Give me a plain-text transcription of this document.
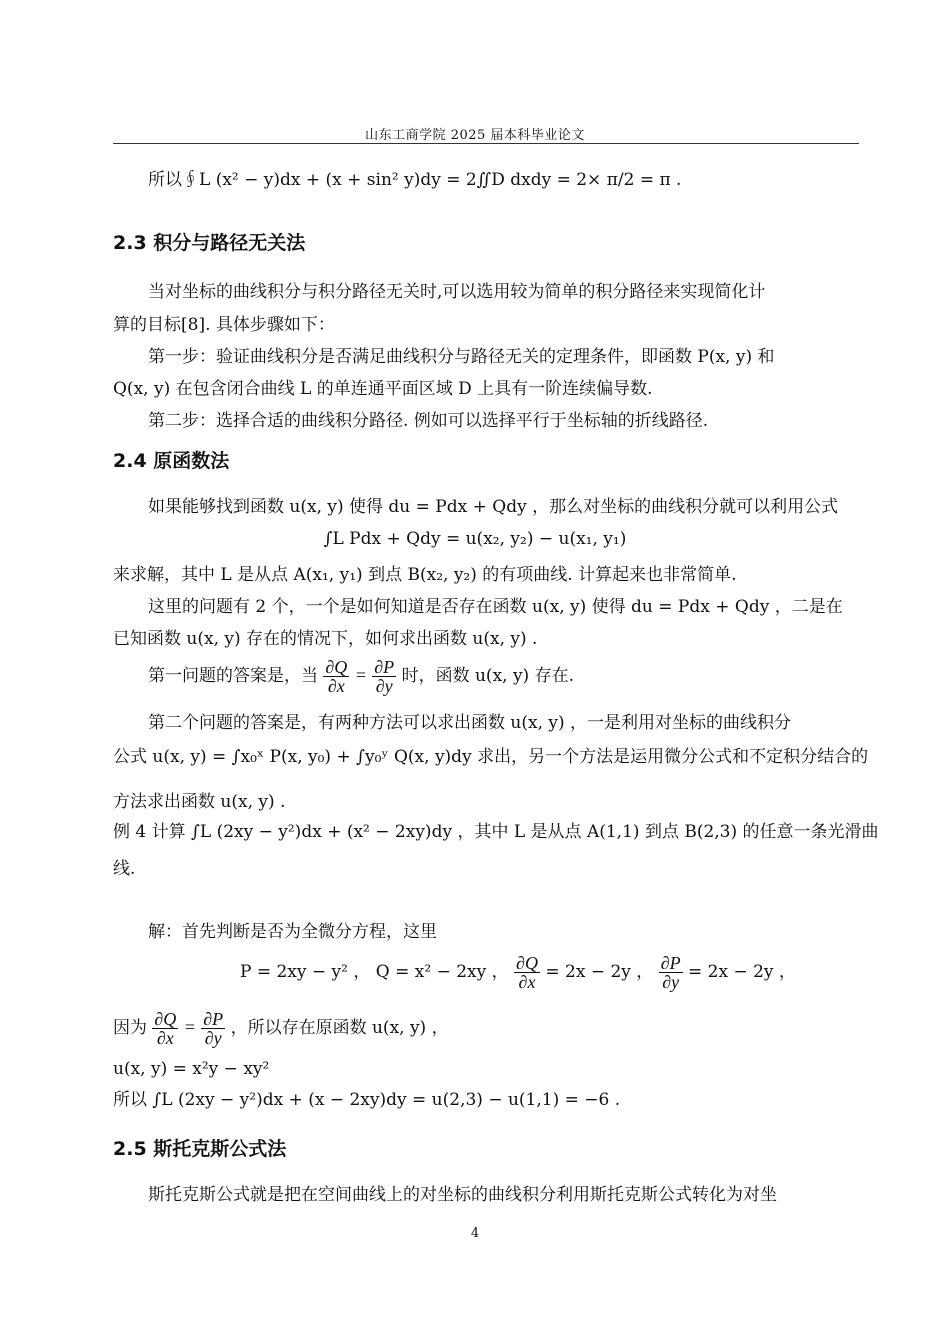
山东工商学院 2025 届本科毕业论文
所以∮L (x² − y)dx + (x + sin² y)dy = 2∬D dxdy = 2× π/2 = π .
2.3 积分与路径无关法
当对坐标的曲线积分与积分路径无关时,可以选用较为简单的积分路径来实现简化计
算的目标[8]. 具体步骤如下：
第一步：验证曲线积分是否满足曲线积分与路径无关的定理条件，即函数 P(x, y) 和
Q(x, y) 在包含闭合曲线 L 的单连通平面区域 D 上具有一阶连续偏导数.
第二步：选择合适的曲线积分路径. 例如可以选择平行于坐标轴的折线路径.
2.4 原函数法
如果能够找到函数 u(x, y) 使得 du = Pdx + Qdy ，那么对坐标的曲线积分就可以利用公式
∫L Pdx + Qdy = u(x₂, y₂) − u(x₁, y₁)
来求解，其中 L 是从点 A(x₁, y₁) 到点 B(x₂, y₂) 的有项曲线. 计算起来也非常简单.
这里的问题有 2 个，一个是如何知道是否存在函数 u(x, y) 使得 du = Pdx + Qdy ，二是在
已知函数 u(x, y) 存在的情况下，如何求出函数 u(x, y) .
第一问题的答案是，当 $\frac{\partial Q}{\partial x} = \frac{\partial P}{\partial y}$ 时，函数 u(x, y) 存在.
第二个问题的答案是，有两种方法可以求出函数 u(x, y) ，一是利用对坐标的曲线积分
公式 u(x, y) = ∫x₀ˣ P(x, y₀) + ∫y₀ʸ Q(x, y)dy 求出，另一个方法是运用微分公式和不定积分结合的
方法求出函数 u(x, y) .
例 4 计算 ∫L (2xy − y²)dx + (x² − 2xy)dy ，其中 L 是从点 A(1,1) 到点 B(2,3) 的任意一条光滑曲
线.
解：首先判断是否为全微分方程，这里
P = 2xy − y² ， Q = x² − 2xy ， $\frac{\partial Q}{\partial x} = 2x - 2y$ ， $\frac{\partial P}{\partial y} = 2x - 2y$ ，
因为 $\frac{\partial Q}{\partial x} = \frac{\partial P}{\partial y}$ ，所以存在原函数 u(x, y) ，
u(x, y) = x²y − xy²
所以 ∫L (2xy − y²)dx + (x − 2xy)dy = u(2,3) − u(1,1) = −6 .
2.5 斯托克斯公式法
斯托克斯公式就是把在空间曲线上的对坐标的曲线积分利用斯托克斯公式转化为对坐
4
